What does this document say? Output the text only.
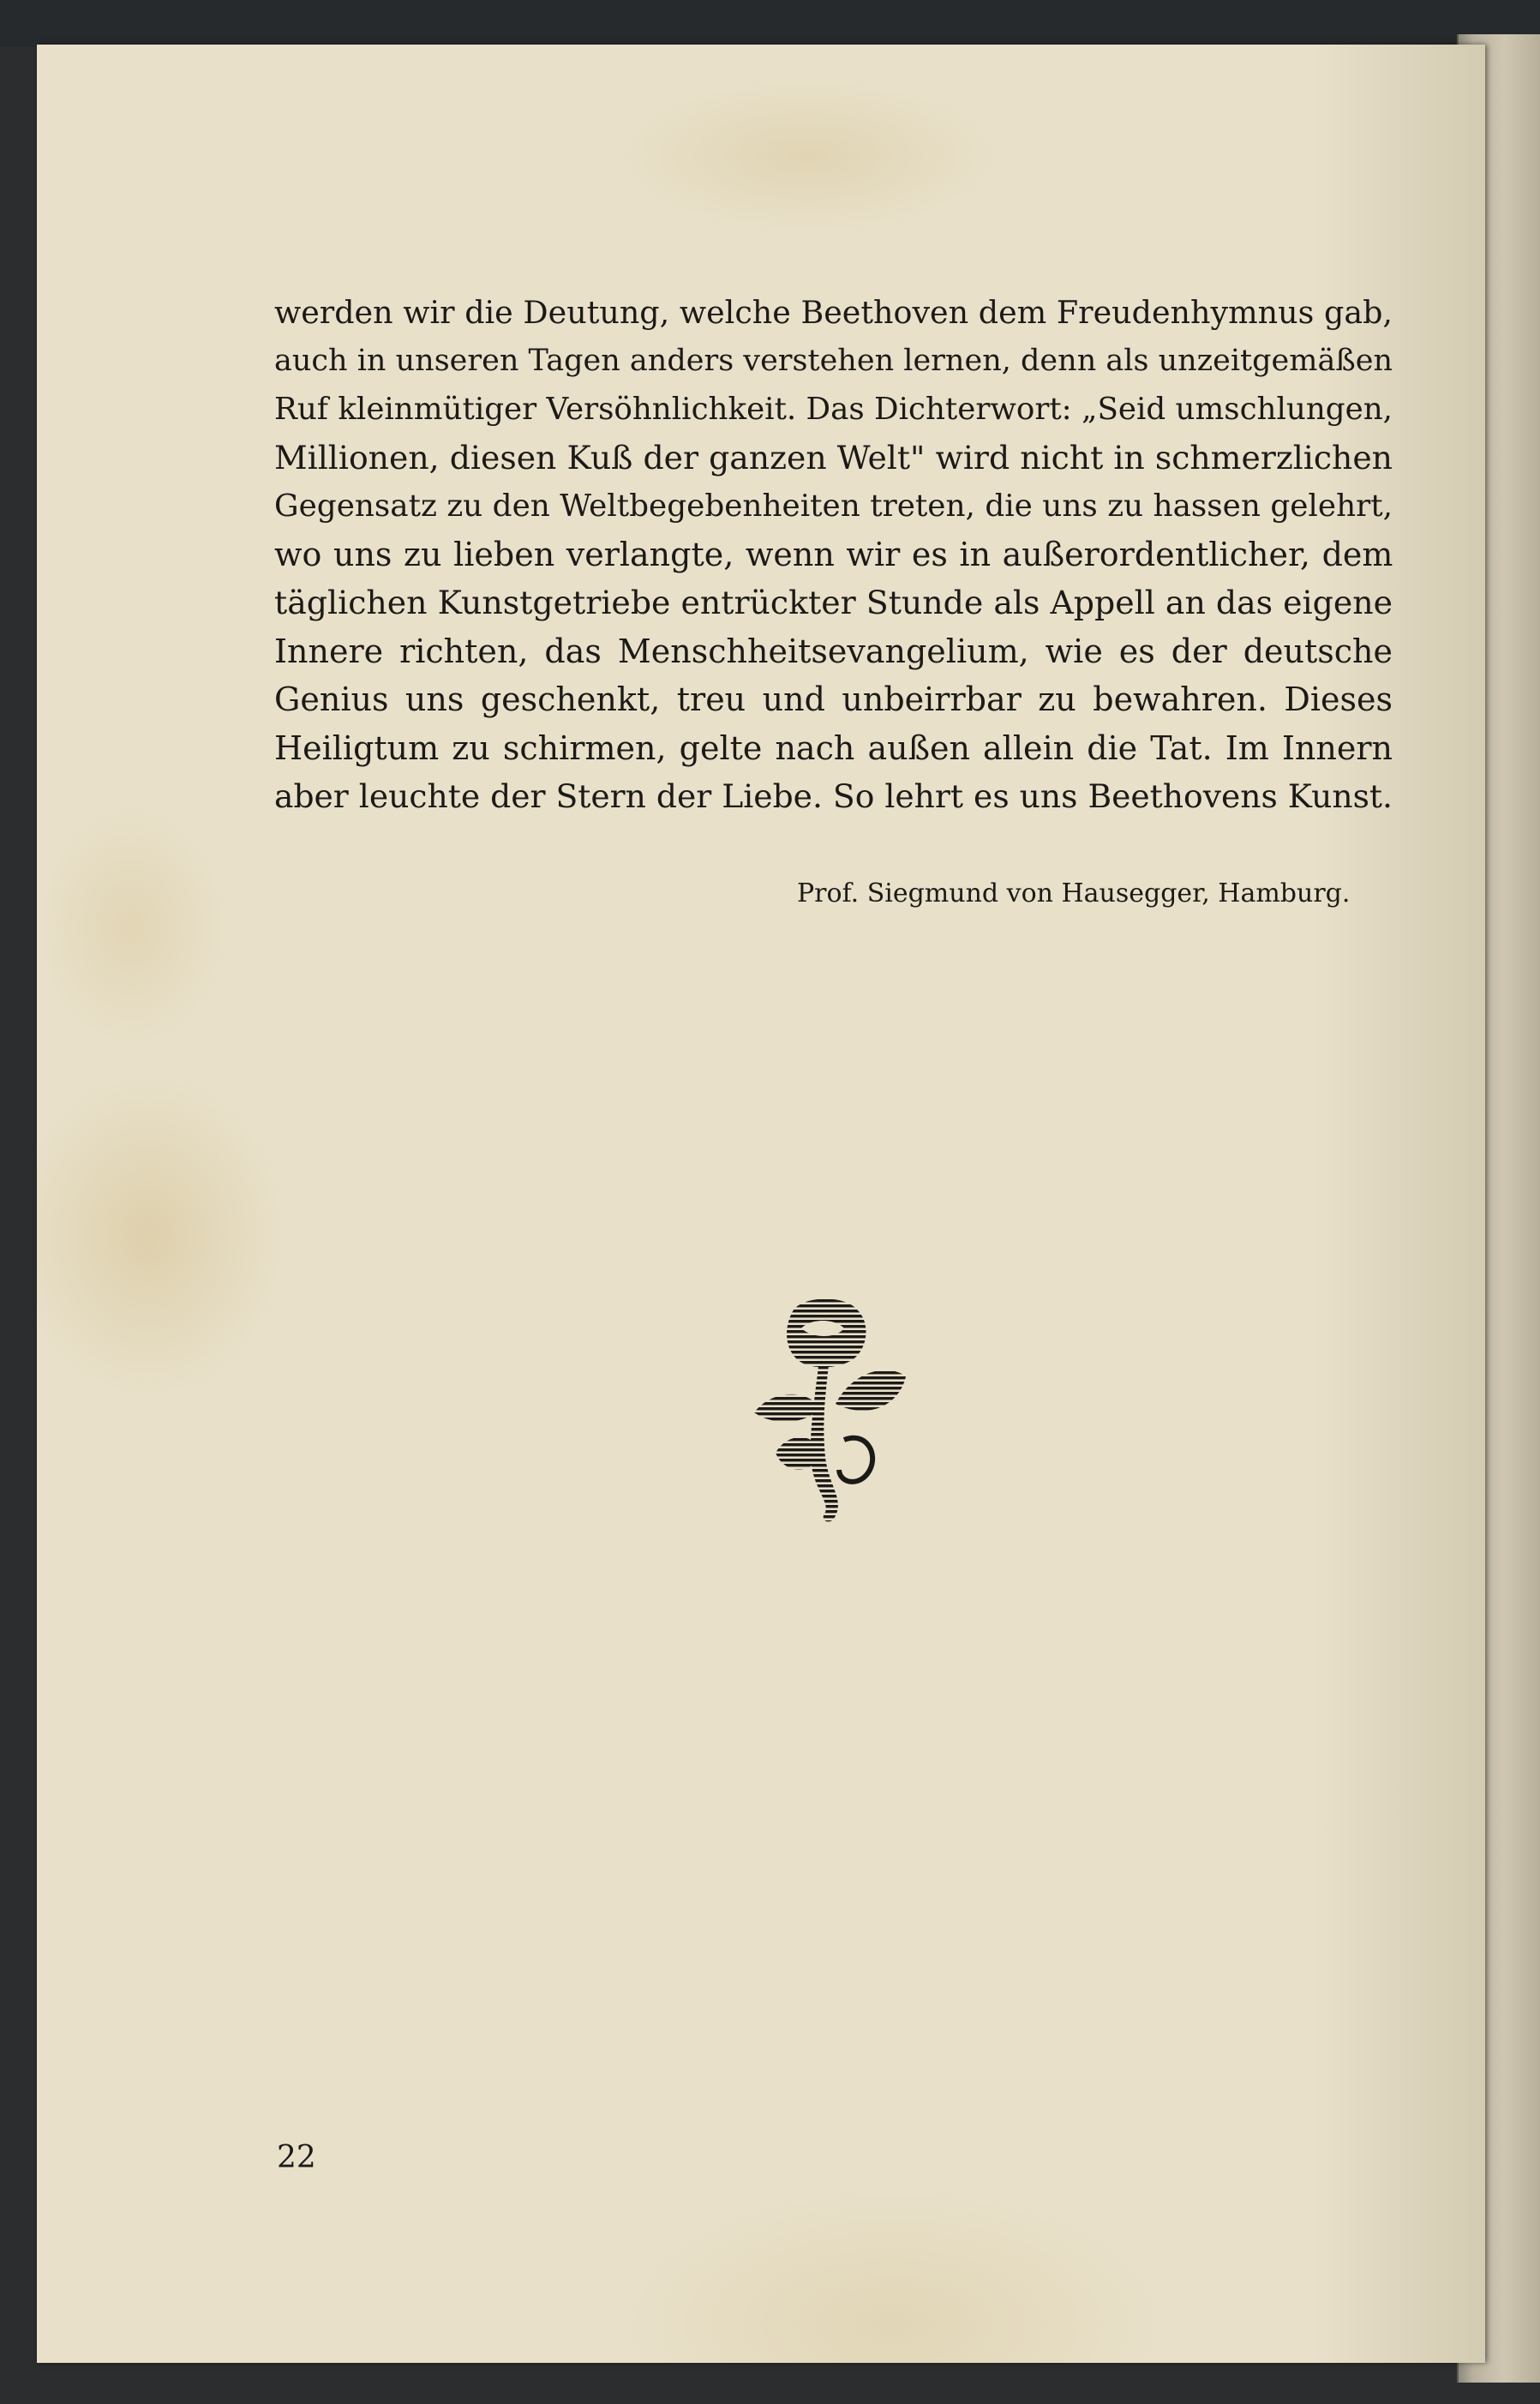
werden wir die Deutung, welche Beethoven dem Freudenhymnus gab,
auch in unseren Tagen anders verstehen lernen, denn als unzeitgemäßen
Ruf kleinmütiger Versöhnlichkeit. Das Dichterwort: „Seid umschlungen,
Millionen, diesen Kuß der ganzen Welt" wird nicht in schmerzlichen
Gegensatz zu den Weltbegebenheiten treten, die uns zu hassen gelehrt,
wo uns zu lieben verlangte, wenn wir es in außerordentlicher, dem
täglichen Kunstgetriebe entrückter Stunde als Appell an das eigene
Innere richten, das Menschheitsevangelium, wie es der deutsche
Genius uns geschenkt, treu und unbeirrbar zu bewahren. Dieses
Heiligtum zu schirmen, gelte nach außen allein die Tat. Im Innern
aber leuchte der Stern der Liebe. So lehrt es uns Beethovens Kunst.
Prof. Siegmund von Hausegger, Hamburg.
22
